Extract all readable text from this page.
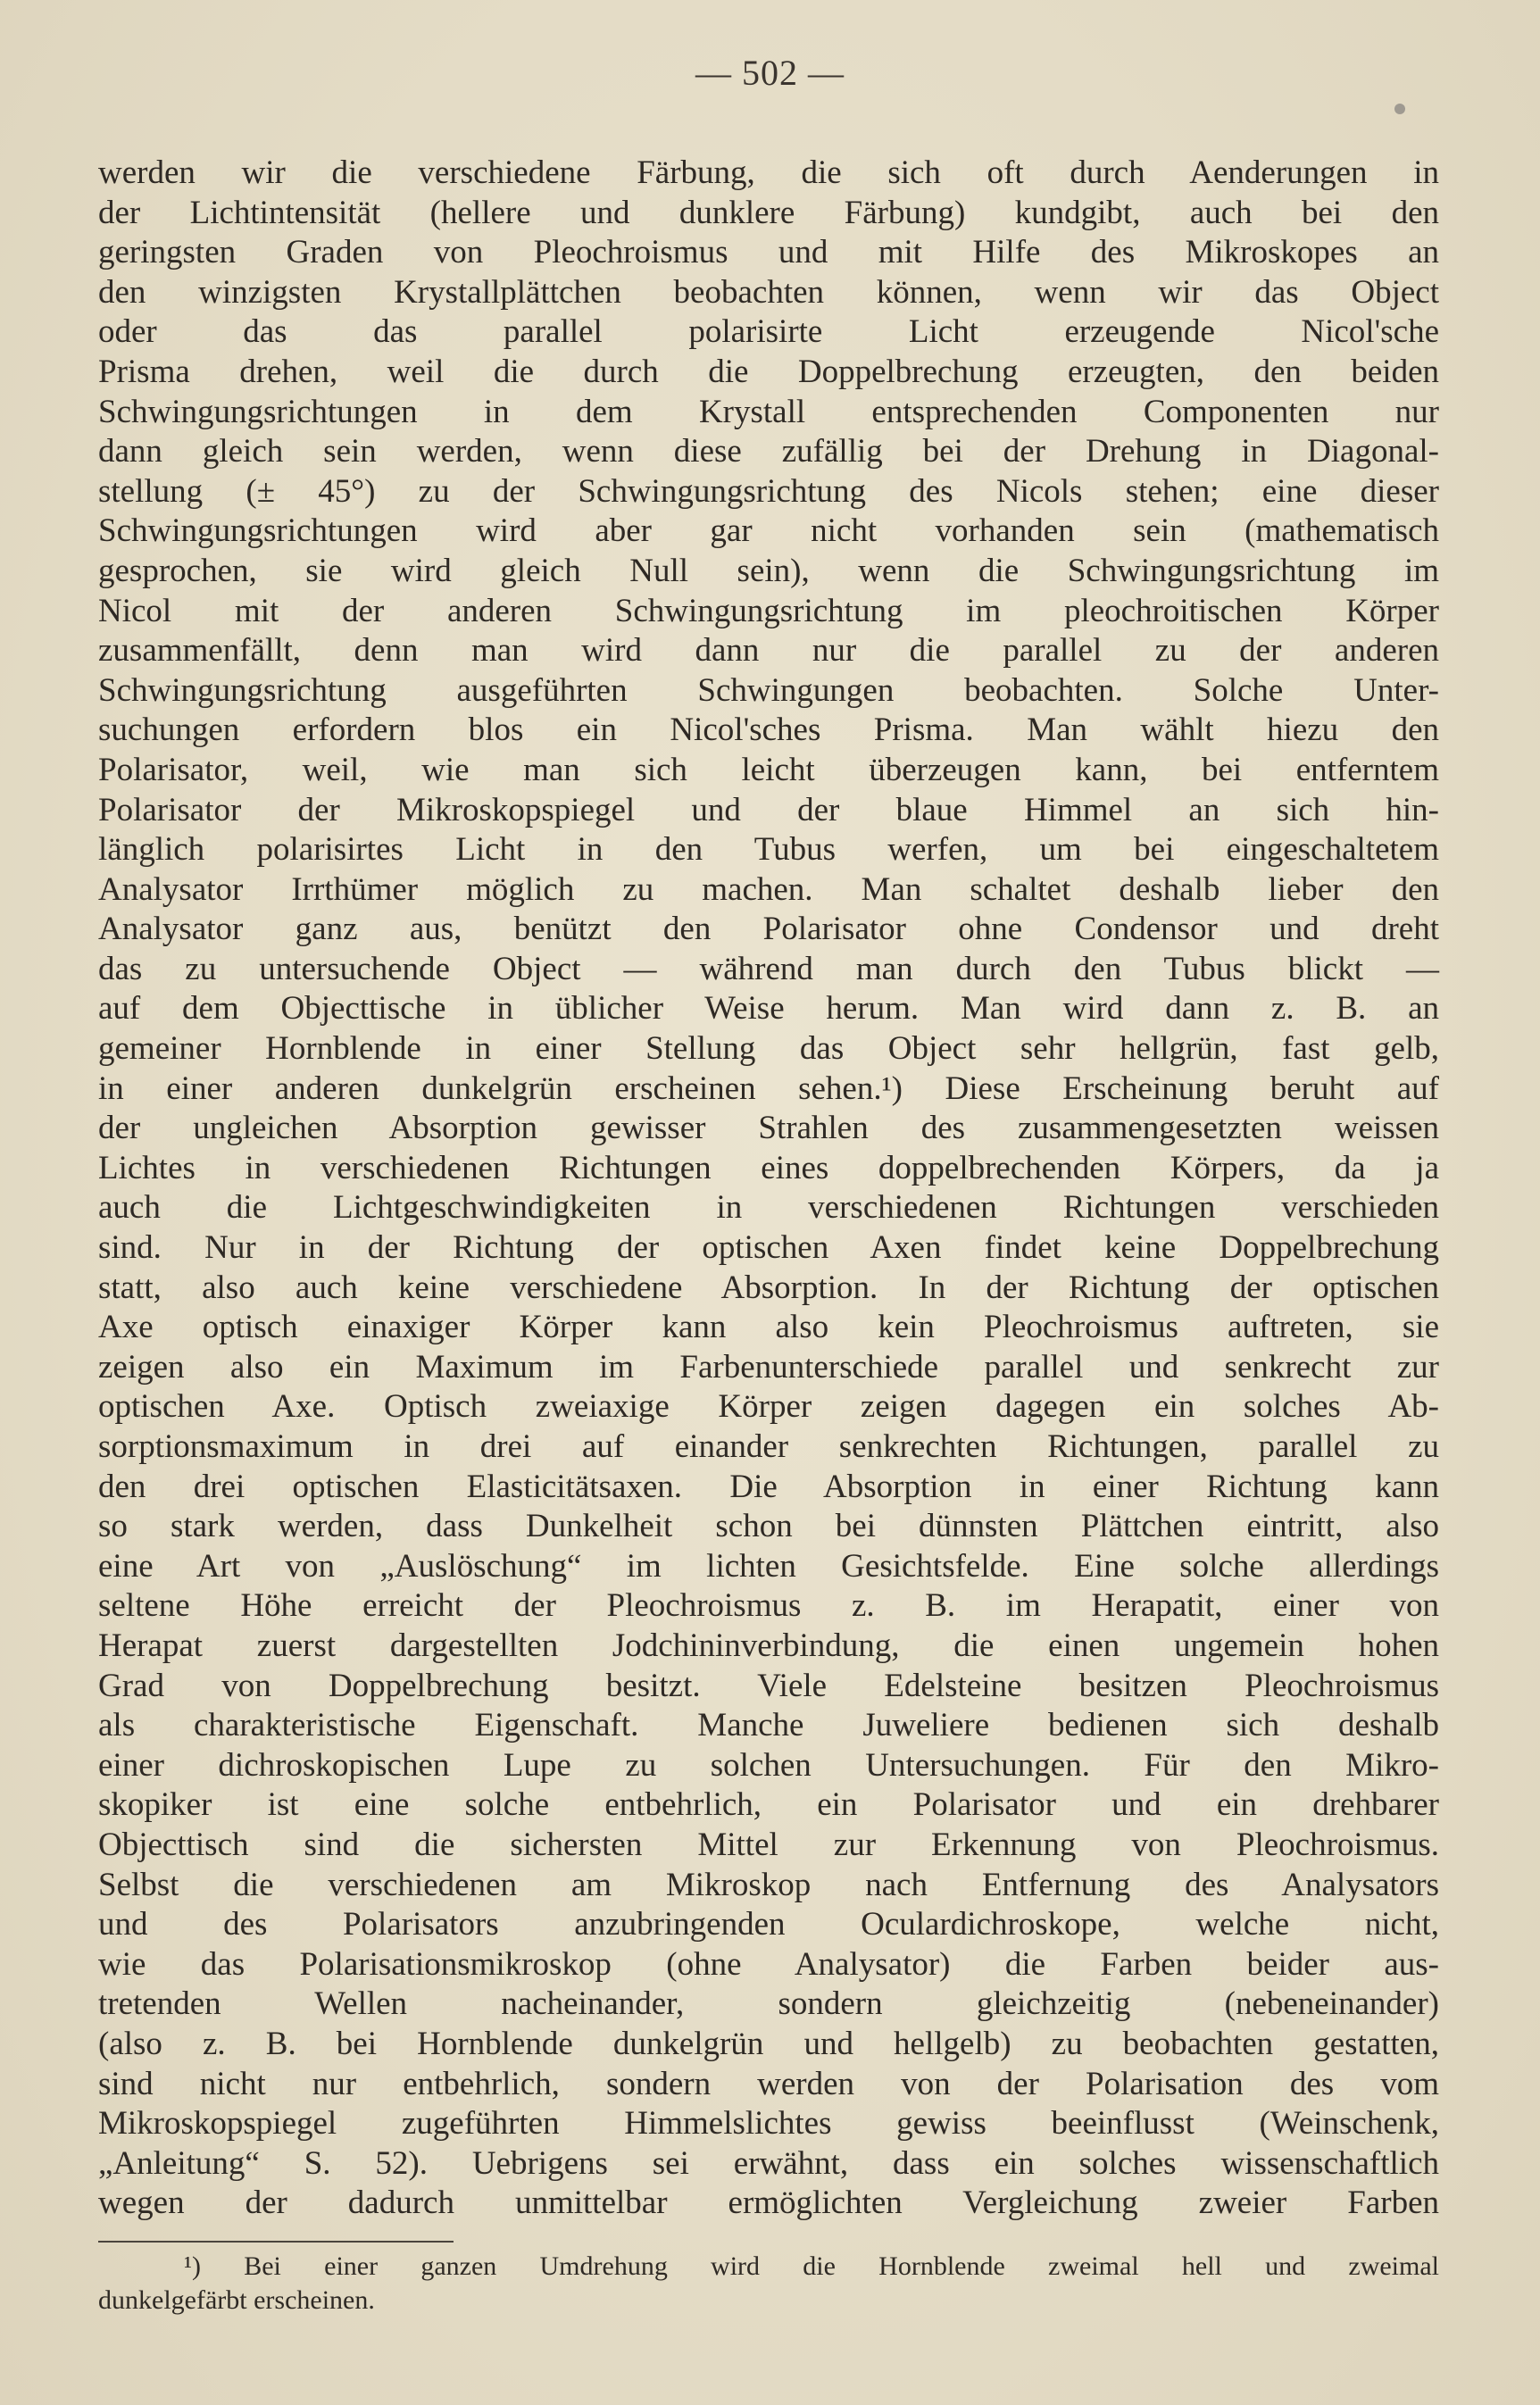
— 502 —
werden wir die verschiedene Färbung, die sich oft durch Aenderungen in
der Lichtintensität (hellere und dunklere Färbung) kundgibt, auch bei den
geringsten Graden von Pleochroismus und mit Hilfe des Mikroskopes an
den winzigsten Krystallplättchen beobachten können, wenn wir das Object
oder das das parallel polarisirte Licht erzeugende Nicol'sche
Prisma drehen, weil die durch die Doppelbrechung erzeugten, den beiden
Schwingungsrichtungen in dem Krystall entsprechenden Componenten nur
dann gleich sein werden, wenn diese zufällig bei der Drehung in Diagonal-
stellung (± 45°) zu der Schwingungsrichtung des Nicols stehen; eine dieser
Schwingungsrichtungen wird aber gar nicht vorhanden sein (mathematisch
gesprochen, sie wird gleich Null sein), wenn die Schwingungsrichtung im
Nicol mit der anderen Schwingungsrichtung im pleochroitischen Körper
zusammenfällt, denn man wird dann nur die parallel zu der anderen
Schwingungsrichtung ausgeführten Schwingungen beobachten. Solche Unter-
suchungen erfordern blos ein Nicol'sches Prisma. Man wählt hiezu den
Polarisator, weil, wie man sich leicht überzeugen kann, bei entferntem
Polarisator der Mikroskopspiegel und der blaue Himmel an sich hin-
länglich polarisirtes Licht in den Tubus werfen, um bei eingeschaltetem
Analysator Irrthümer möglich zu machen. Man schaltet deshalb lieber den
Analysator ganz aus, benützt den Polarisator ohne Condensor und dreht
das zu untersuchende Object — während man durch den Tubus blickt —
auf dem Objecttische in üblicher Weise herum. Man wird dann z. B. an
gemeiner Hornblende in einer Stellung das Object sehr hellgrün, fast gelb,
in einer anderen dunkelgrün erscheinen sehen.¹) Diese Erscheinung beruht auf
der ungleichen Absorption gewisser Strahlen des zusammengesetzten weissen
Lichtes in verschiedenen Richtungen eines doppelbrechenden Körpers, da ja
auch die Lichtgeschwindigkeiten in verschiedenen Richtungen verschieden
sind. Nur in der Richtung der optischen Axen findet keine Doppelbrechung
statt, also auch keine verschiedene Absorption. In der Richtung der optischen
Axe optisch einaxiger Körper kann also kein Pleochroismus auftreten, sie
zeigen also ein Maximum im Farbenunterschiede parallel und senkrecht zur
optischen Axe. Optisch zweiaxige Körper zeigen dagegen ein solches Ab-
sorptionsmaximum in drei auf einander senkrechten Richtungen, parallel zu
den drei optischen Elasticitätsaxen. Die Absorption in einer Richtung kann
so stark werden, dass Dunkelheit schon bei dünnsten Plättchen eintritt, also
eine Art von „Auslöschung“ im lichten Gesichtsfelde. Eine solche allerdings
seltene Höhe erreicht der Pleochroismus z. B. im Herapatit, einer von
Herapat zuerst dargestellten Jodchininverbindung, die einen ungemein hohen
Grad von Doppelbrechung besitzt. Viele Edelsteine besitzen Pleochroismus
als charakteristische Eigenschaft. Manche Juweliere bedienen sich deshalb
einer dichroskopischen Lupe zu solchen Untersuchungen. Für den Mikro-
skopiker ist eine solche entbehrlich, ein Polarisator und ein drehbarer
Objecttisch sind die sichersten Mittel zur Erkennung von Pleochroismus.
Selbst die verschiedenen am Mikroskop nach Entfernung des Analysators
und des Polarisators anzubringenden Oculardichroskope, welche nicht,
wie das Polarisationsmikroskop (ohne Analysator) die Farben beider aus-
tretenden Wellen nacheinander, sondern gleichzeitig (nebeneinander)
(also z. B. bei Hornblende dunkelgrün und hellgelb) zu beobachten gestatten,
sind nicht nur entbehrlich, sondern werden von der Polarisation des vom
Mikroskopspiegel zugeführten Himmelslichtes gewiss beeinflusst (Weinschenk,
„Anleitung“ S. 52). Uebrigens sei erwähnt, dass ein solches wissenschaftlich
wegen der dadurch unmittelbar ermöglichten Vergleichung zweier Farben
¹) Bei einer ganzen Umdrehung wird die Hornblende zweimal hell und zweimal
dunkelgefärbt erscheinen.
